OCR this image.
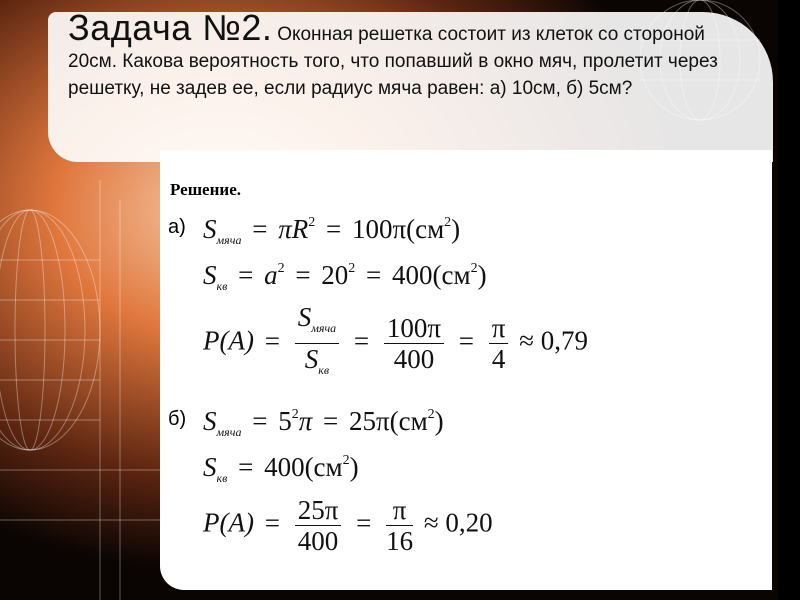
Задача №2. Оконная решетка состоит из клеток со стороной 20см. Какова вероятность того, что попавший в окно мяч, пролетит через решетку, не задев ее, если радиус мяча равен: а) 10см, б) 5см?
Решение.
а) $S_{мяча} = \pi R^2 = 100\pi(см^2)$
$S_{кв} = a^2 = 20^2 = 400(см^2)$
$P(A) = \frac{S_{мяча}}{S_{кв}} = \frac{100\pi}{400} = \frac{\pi}{4} \approx 0,79$
б) $S_{мяча} = 5^2\pi = 25\pi(см^2)$
$S_{кв} = 400(см^2)$
$P(A) = \frac{25\pi}{400} = \frac{\pi}{16} \approx 0,20$
